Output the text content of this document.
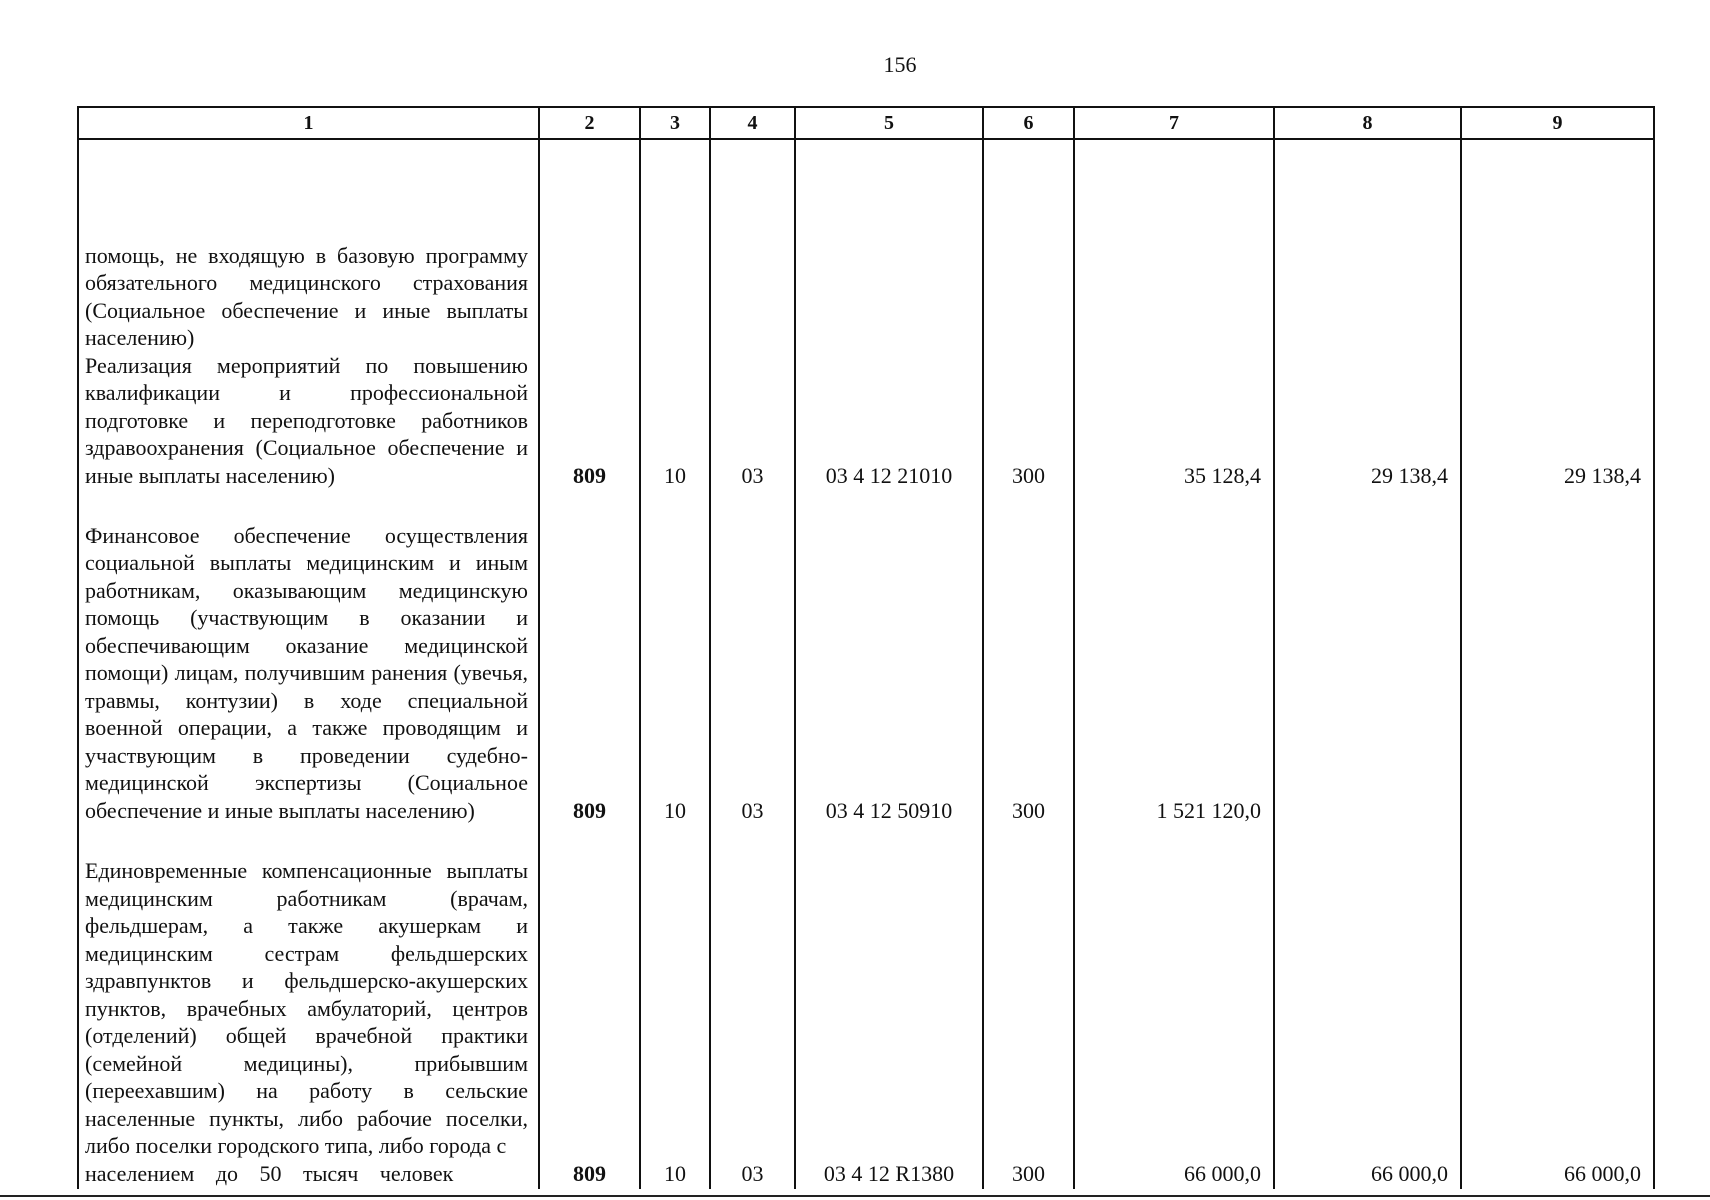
156
1	2	3	4	5	6	7	8	9

помощь, не входящую в базовую программу обязательного медицинского страхования (Социальное обеспечение и иные выплаты населению)
Реализация мероприятий по повышению квалификации и профессиональной подготовке и переподготовке работников здравоохранения (Социальное обеспечение и иные выплаты населению)	809	10	03	03 4 12 21010	300	35 128,4	29 138,4	29 138,4

Финансовое обеспечение осуществления социальной выплаты медицинским и иным работникам, оказывающим медицинскую помощь (участвующим в оказании и обеспечивающим оказание медицинской помощи) лицам, получившим ранения (увечья, травмы, контузии) в ходе специальной военной операции, а также проводящим и участвующим в проведении судебно-медицинской экспертизы (Социальное обеспечение и иные выплаты населению)	809	10	03	03 4 12 50910	300	1 521 120,0		

Единовременные компенсационные выплаты медицинским работникам (врачам, фельдшерам, а также акушеркам и медицинским сестрам фельдшерских здравпунктов и фельдшерско-акушерских пунктов, врачебных амбулаторий, центров (отделений) общей врачебной практики (семейной медицины), прибывшим (переехавшим) на работу в сельские населенные пункты, либо рабочие поселки, либо поселки городского типа, либо города с
населением до 50 тысяч человек	809	10	03	03 4 12 R1380	300	66 000,0	66 000,0	66 000,0
